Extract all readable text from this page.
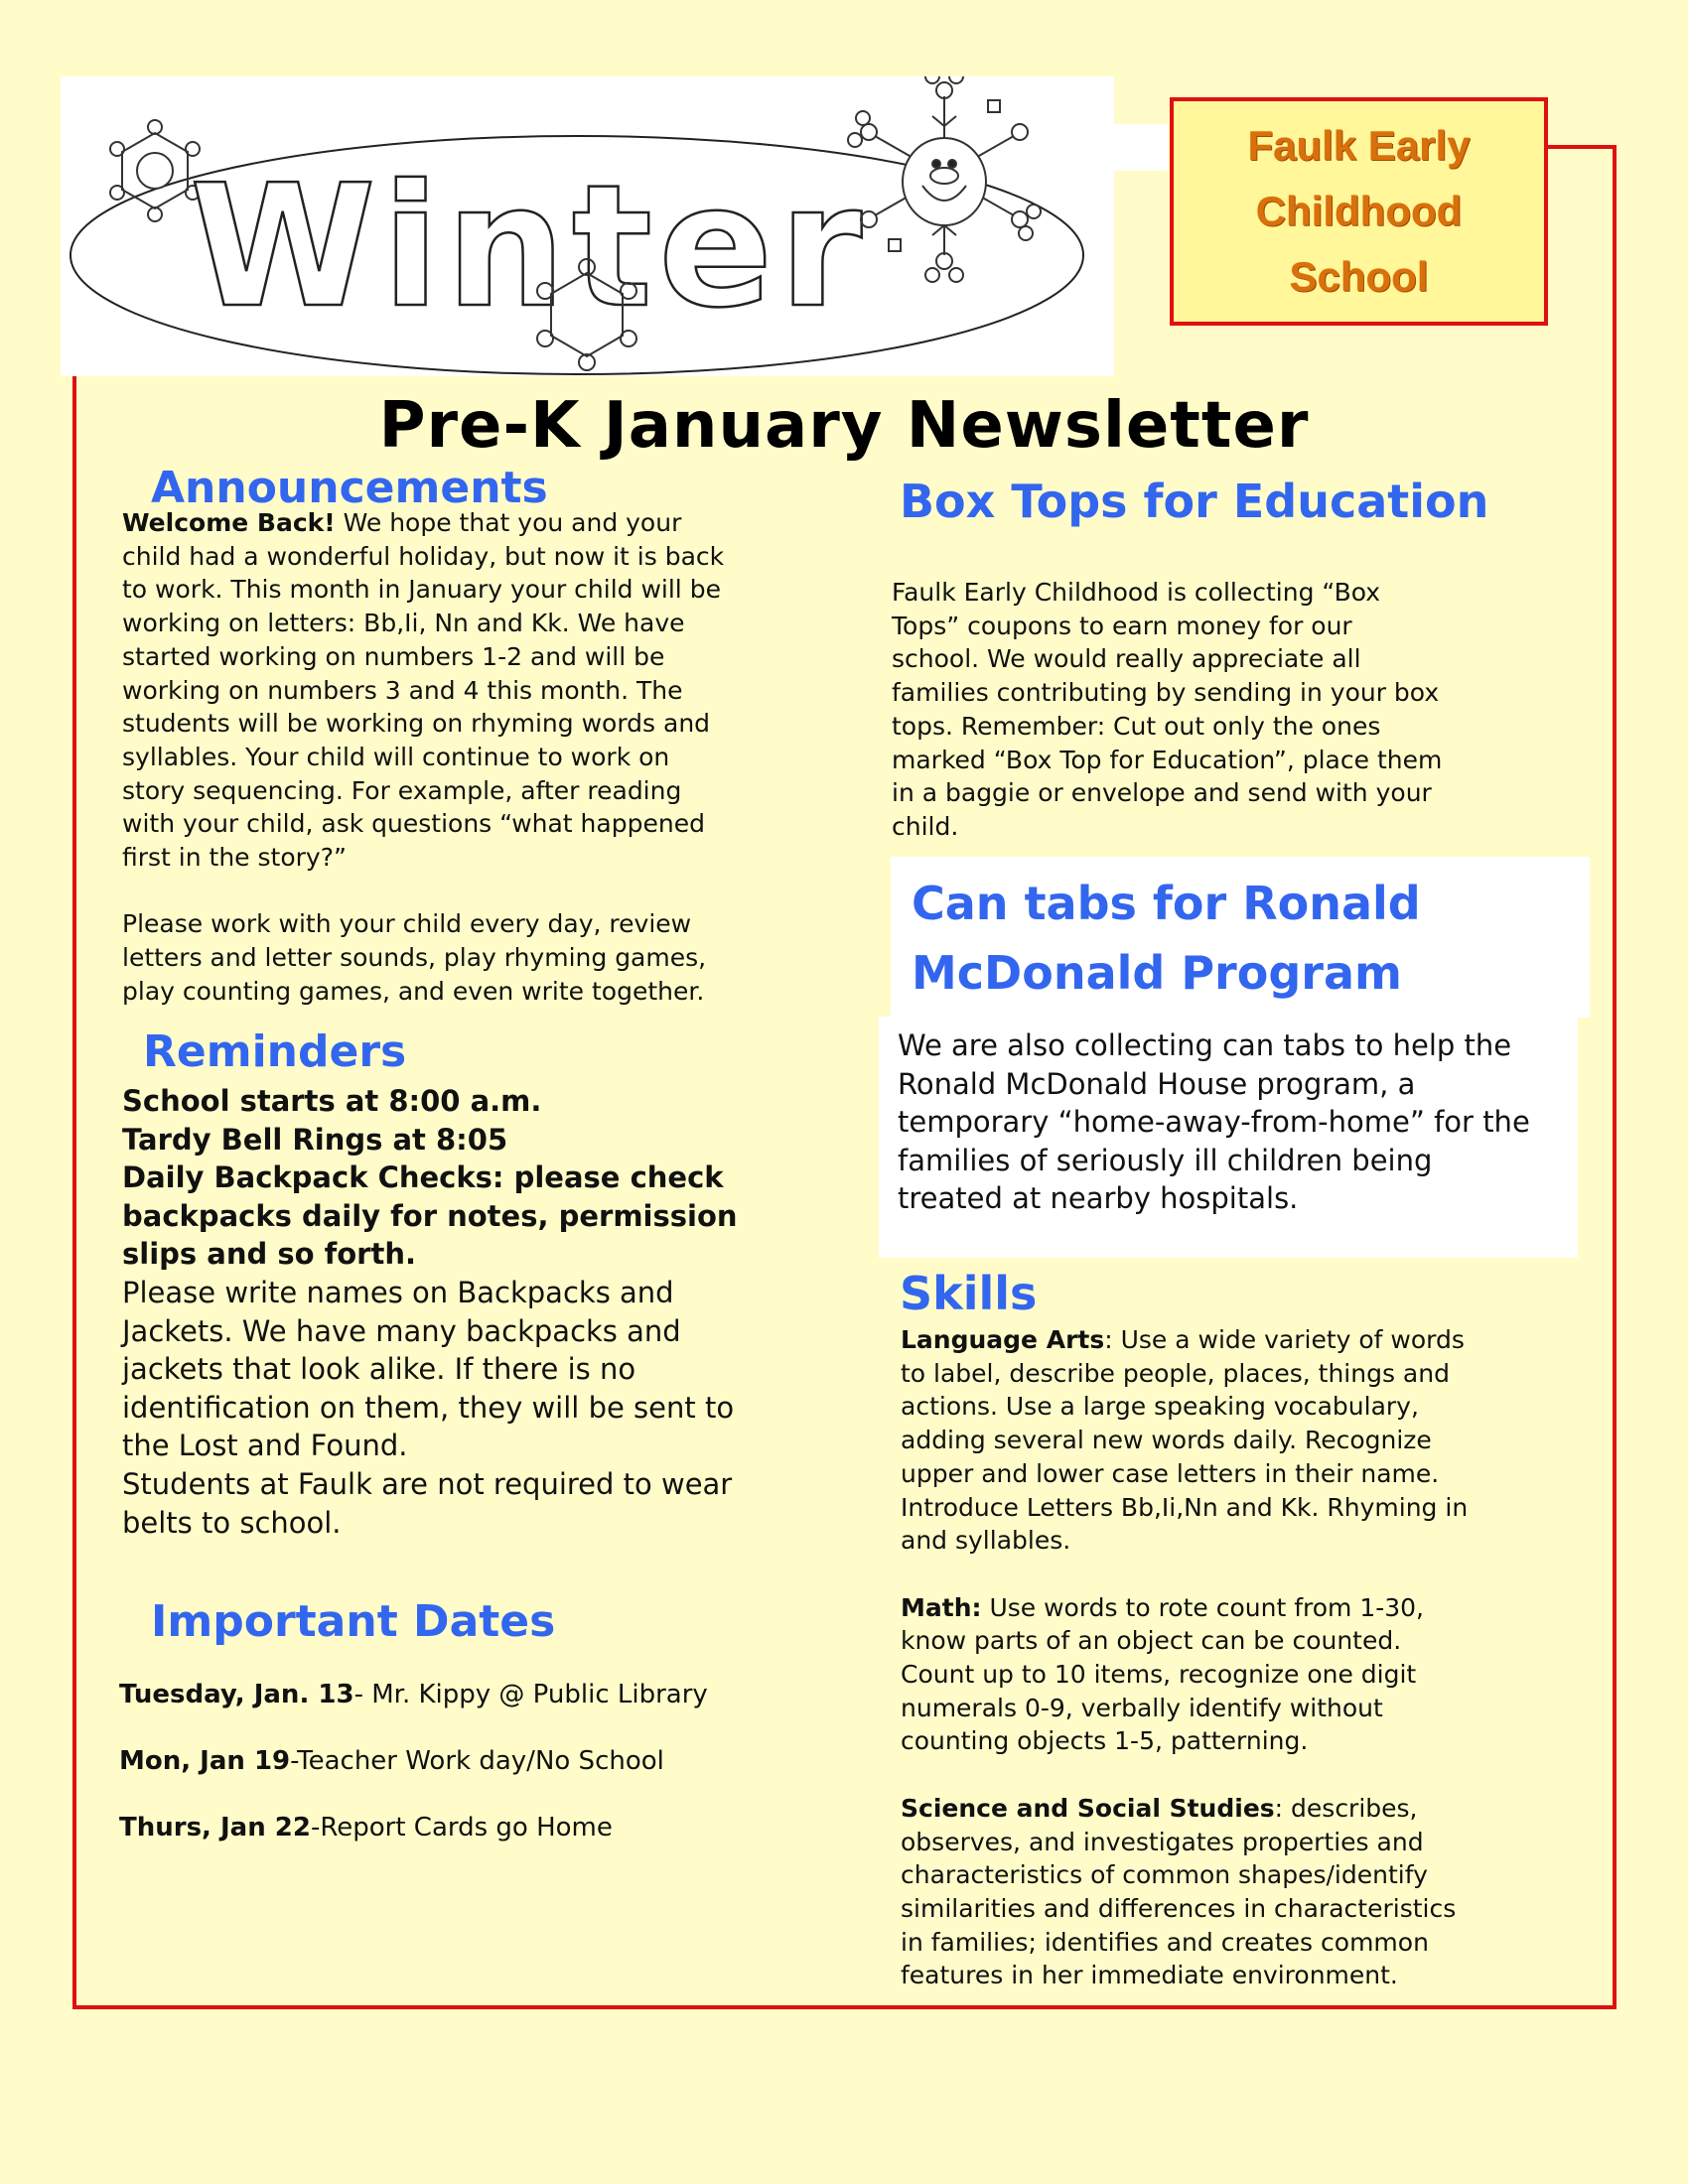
Winter
Faulk Early
Childhood
School
Pre-K January Newsletter
Announcements

Welcome Back! We hope that you and your

child had a wonderful holiday, but now it is back

to work. This month in January your child will be

working on letters: Bb,Ii, Nn and Kk. We have

started working on numbers 1-2 and will be

working on numbers 3 and 4 this month. The

students will be working on rhyming words and

syllables. Your child will continue to work on

story sequencing. For example, after reading

with your child, ask questions “what happened

first in the story?”

Please work with your child every day, review

letters and letter sounds, play rhyming games,

play counting games, and even write together.

Reminders

School starts at 8:00 a.m.

Tardy Bell Rings at 8:05

Daily Backpack Checks: please check

backpacks daily for notes, permission

slips and so forth.

Please write names on Backpacks and

Jackets. We have many backpacks and

jackets that look alike. If there is no

identification on them, they will be sent to

the Lost and Found.

Students at Faulk are not required to wear

belts to school.

Important Dates
Tuesday, Jan. 13- Mr. Kippy @ Public Library
Mon, Jan 19-Teacher Work day/No School
Thurs, Jan 22-Report Cards go Home
Box Tops for Education

Faulk Early Childhood is collecting “Box

Tops” coupons to earn money for our

school. We would really appreciate all

families contributing by sending in your box

tops. Remember: Cut out only the ones

marked “Box Top for Education”, place them

in a baggie or envelope and send with your

child.

Can tabs for Ronald
McDonald Program

We are also collecting can tabs to help the

Ronald McDonald House program, a

temporary “home-away-from-home” for the

families of seriously ill children being

treated at nearby hospitals.

Skills

Language Arts: Use a wide variety of words

to label, describe people, places, things and

actions. Use a large speaking vocabulary,

adding several new words daily. Recognize

upper and lower case letters in their name.

Introduce Letters Bb,Ii,Nn and Kk. Rhyming in

and syllables.

Math: Use words to rote count from 1-30,

know parts of an object can be counted.

Count up to 10 items, recognize one digit

numerals 0-9, verbally identify without

counting objects 1-5, patterning.

Science and Social Studies: describes,

observes, and investigates properties and

characteristics of common shapes/identify

similarities and differences in characteristics

in families; identifies and creates common

features in her immediate environment.
